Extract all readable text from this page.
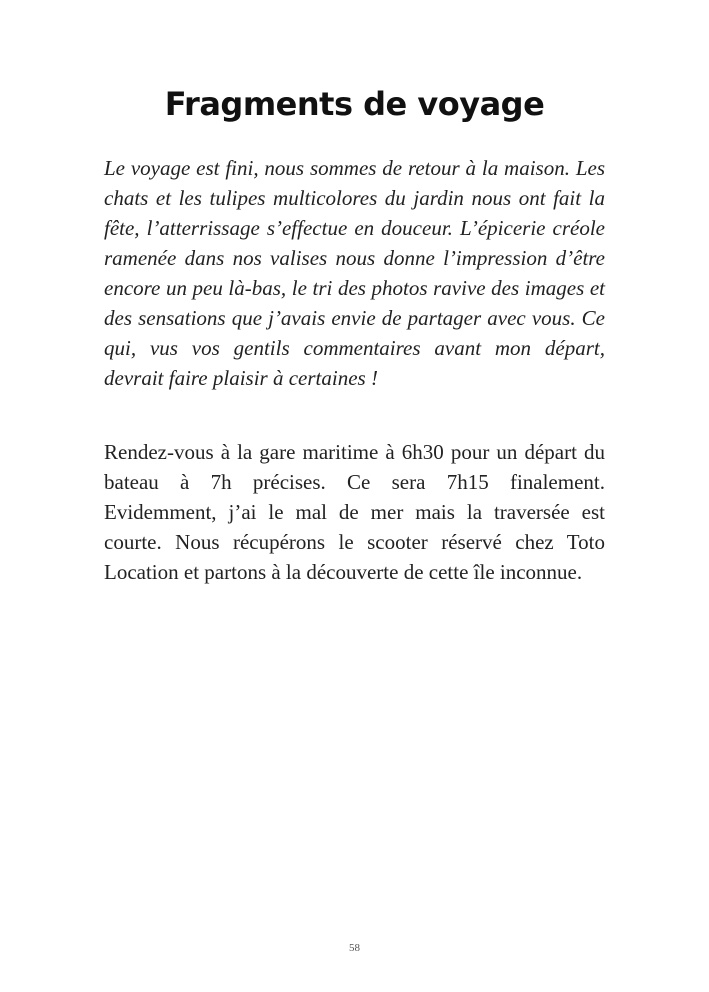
Fragments de voyage

Le voyage est fini, nous sommes de retour à la maison. Les chats et les tulipes multicolores du jardin nous ont fait la fête, l’atterrissage s’effectue en douceur. L’épicerie créole ramenée dans nos valises nous donne l’impression d’être encore un peu là-bas, le tri des photos ravive des images et des sensations que j’avais envie de partager avec vous. Ce qui, vus vos gentils commentaires avant mon départ, devrait faire plaisir à certaines !

Rendez-vous à la gare maritime à 6h30 pour un départ du bateau à 7h précises. Ce sera 7h15 finalement. Evidemment, j’ai le mal de mer mais la traversée est courte. Nous récupérons le scooter réservé chez Toto Location et partons à la découverte de cette île inconnue.

58
